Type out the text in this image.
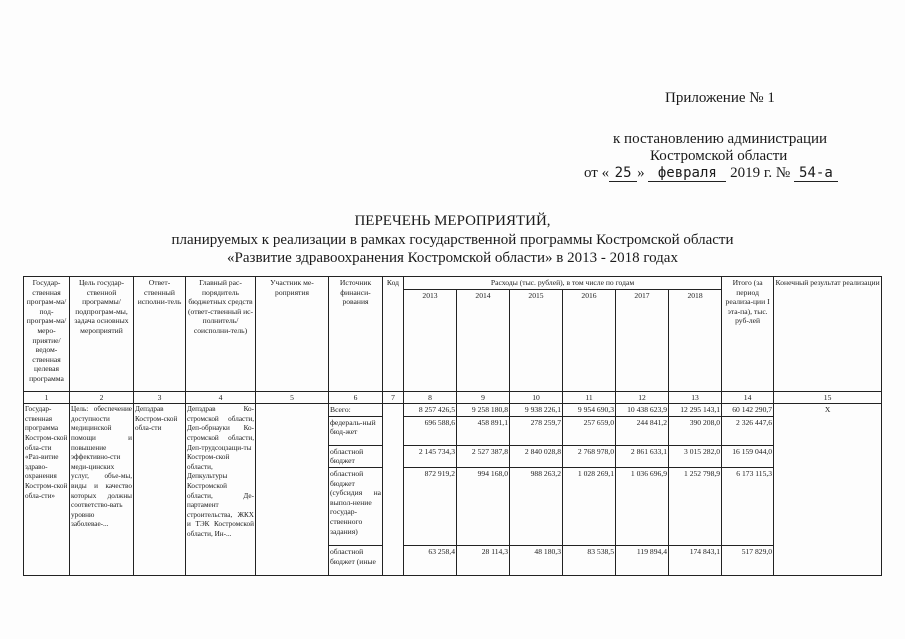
Приложение № 1
к постановлению администрации
Костромской области
от « 25 » февраля 2019 г. № 54-а
ПЕРЕЧЕНЬ МЕРОПРИЯТИЙ,
планируемых к реализации в рамках государственной программы Костромской области
«Развитие здравоохранения Костромской области» в 2013 - 2018 годах
Государ-ственная програм-ма/под-програм-ма/меро-приятие/ведом-ственная целевая программа	Цель государ-ственной программы/подпрограм-мы, задача основных мероприятий	Ответ-ственный исполни-тель	Главный рас-порядитель бюджетных средств (ответ-ственный ис-полнитель/соисполни-тель)	Участник ме-роприятия	Источник финанси-рования	Код	Расходы (тыс. рублей), в том числе по годам						Итого (за период реализа-ции I эта-па), тыс. руб-лей	Конечный результат реализации
							2013	2014	2015	2016	2017	2018		
1	2	3	4	5	6	7	8	9	10	11	12	13	14	15
Государ-ственная программа Костром-ской обла-сти «Раз-витие здраво-охранения Костром-ской обла-сти»	Цель: обеспечение доступности медицинской помощи и повышение эффективно-сти меди-цинских услуг, объе-мы, виды и качество которых должны соответство-вать уровню заболевае-...	Депздрав Костром-ской обла-сти	Депздрав Ко-стромской области, Деп-обрнауки Ко-стромской области, Деп-трудсоцзащи-ты Костром-ской области, Депкультуры Костромской области, Де-партамент строительства, ЖКХ и ТЭК Костромской области, Ин-...		Всего:		8 257 426,5	9 258 180,8	9 938 226,1	9 954 690,3	10 438 623,9	12 295 143,1	60 142 290,7	Х
					федераль-ный бюд-жет		696 588,6	458 891,1	278 259,7	257 659,0	244 841,2	390 208,0	2 326 447,6	
					областной бюджет		2 145 734,3	2 527 387,8	2 840 028,8	2 768 978,0	2 861 633,1	3 015 282,0	16 159 044,0	
					областной бюджет (субсидия на выпол-нение государ-ственного задания)		872 919,2	994 168,0	988 263,2	1 028 269,1	1 036 696,9	1 252 798,9	6 173 115,3	
					областной бюджет (иные		63 258,4	28 114,3	48 180,3	83 538,5	119 894,4	174 843,1	517 829,0	
